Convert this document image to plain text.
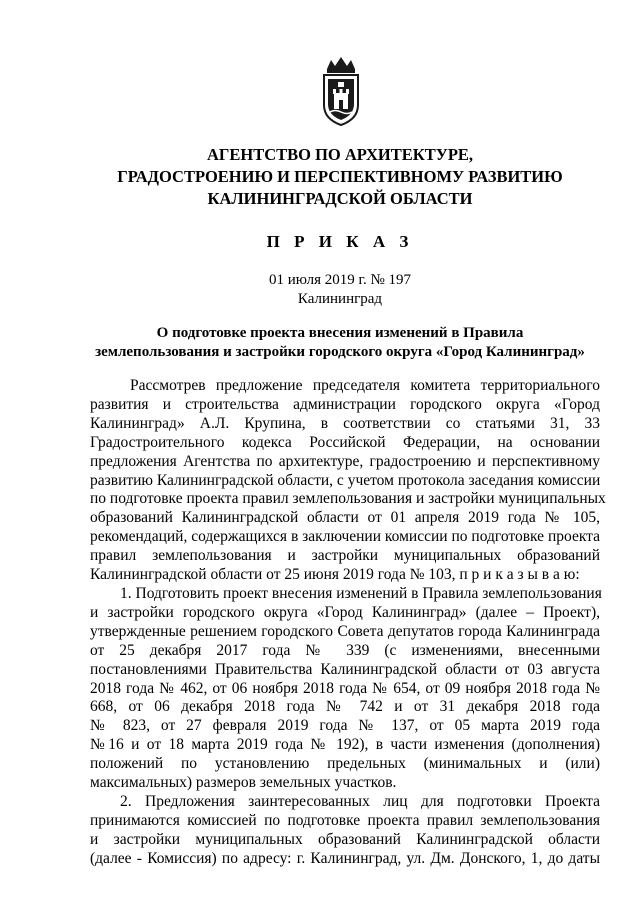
АГЕНТСТВО ПО АРХИТЕКТУРЕ,
ГРАДОСТРОЕНИЮ И ПЕРСПЕКТИВНОМУ РАЗВИТИЮ
КАЛИНИНГРАДСКОЙ ОБЛАСТИ
П Р И К А З
01 июля 2019 г. № 197
Калининград
О подготовке проекта внесения изменений в Правила
землепользования и застройки городского округа «Город Калининград»
Рассмотрев предложение председателя комитета территориального
развития и строительства администрации городского округа «Город
Калининград» А.Л. Крупина, в соответствии со статьями 31, 33
Градостроительного кодекса Российской Федерации, на основании
предложения Агентства по архитектуре, градостроению и перспективному
развитию Калининградской области, с учетом протокола заседания комиссии
по подготовке проекта правил землепользования и застройки муниципальных
образований Калининградской области от 01 апреля 2019 года № 105,
рекомендаций, содержащихся в заключении комиссии по подготовке проекта
правил землепользования и застройки муниципальных образований
Калининградской области от 25 июня 2019 года № 103, п р и к а з ы в а ю:
1. Подготовить проект внесения изменений в Правила землепользования
и застройки городского округа «Город Калининград» (далее – Проект),
утвержденные решением городского Совета депутатов города Калининграда
от 25 декабря 2017 года № 339 (с изменениями, внесенными
постановлениями Правительства Калининградской области от 03 августа
2018 года № 462, от 06 ноября 2018 года № 654, от 09 ноября 2018 года №
668, от 06 декабря 2018 года № 742 и от 31 декабря 2018 года
№ 823, от 27 февраля 2019 года № 137, от 05 марта 2019 года
№16 и от 18 марта 2019 года № 192), в части изменения (дополнения)
положений по установлению предельных (минимальных и (или)
максимальных) размеров земельных участков.
2. Предложения заинтересованных лиц для подготовки Проекта
принимаются комиссией по подготовке проекта правил землепользования
и застройки муниципальных образований Калининградской области
(далее - Комиссия) по адресу: г. Калининград, ул. Дм. Донского, 1, до даты
